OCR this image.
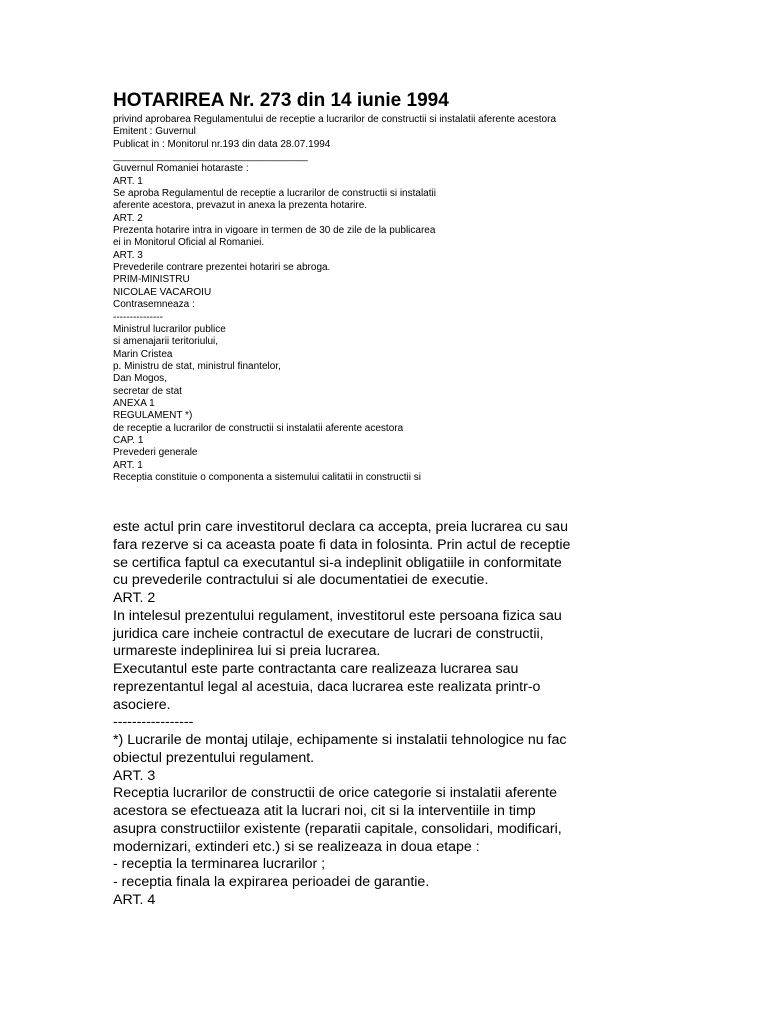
HOTARIREA Nr. 273 din 14 iunie 1994
privind aprobarea Regulamentului de receptie a lucrarilor de constructii si instalatii aferente acestora
Emitent : Guvernul
Publicat in : Monitorul nr.193 din data 28.07.1994
___________________________________
Guvernul Romaniei hotaraste :
ART. 1
Se aproba Regulamentul de receptie a lucrarilor de constructii si instalatii
aferente acestora, prevazut in anexa la prezenta hotarire.
ART. 2
Prezenta hotarire intra in vigoare in termen de 30 de zile de la publicarea
ei in Monitorul Oficial al Romaniei.
ART. 3
Prevederile contrare prezentei hotariri se abroga.
PRIM-MINISTRU
NICOLAE VACAROIU
Contrasemneaza :
---------------
Ministrul lucrarilor publice
si amenajarii teritoriului,
Marin Cristea
p. Ministru de stat, ministrul finantelor,
Dan Mogos,
secretar de stat
ANEXA 1
REGULAMENT *)
de receptie a lucrarilor de constructii si instalatii aferente acestora
CAP. 1
Prevederi generale
ART. 1
Receptia constituie o componenta a sistemului calitatii in constructii si
este actul prin care investitorul declara ca accepta, preia lucrarea cu sau
fara rezerve si ca aceasta poate fi data in folosinta. Prin actul de receptie
se certifica faptul ca executantul si-a indeplinit obligatiile in conformitate
cu prevederile contractului si ale documentatiei de executie.
ART. 2
In intelesul prezentului regulament, investitorul este persoana fizica sau
juridica care incheie contractul de executare de lucrari de constructii,
urmareste indeplinirea lui si preia lucrarea.
Executantul este parte contractanta care realizeaza lucrarea sau
reprezentantul legal al acestuia, daca lucrarea este realizata printr-o
asociere.
-----------------
*) Lucrarile de montaj utilaje, echipamente si instalatii tehnologice nu fac
obiectul prezentului regulament.
ART. 3
Receptia lucrarilor de constructii de orice categorie si instalatii aferente
acestora se efectueaza atit la lucrari noi, cit si la interventiile in timp
asupra constructiilor existente (reparatii capitale, consolidari, modificari,
modernizari, extinderi etc.) si se realizeaza in doua etape :
- receptia la terminarea lucrarilor ;
- receptia finala la expirarea perioadei de garantie.
ART. 4
